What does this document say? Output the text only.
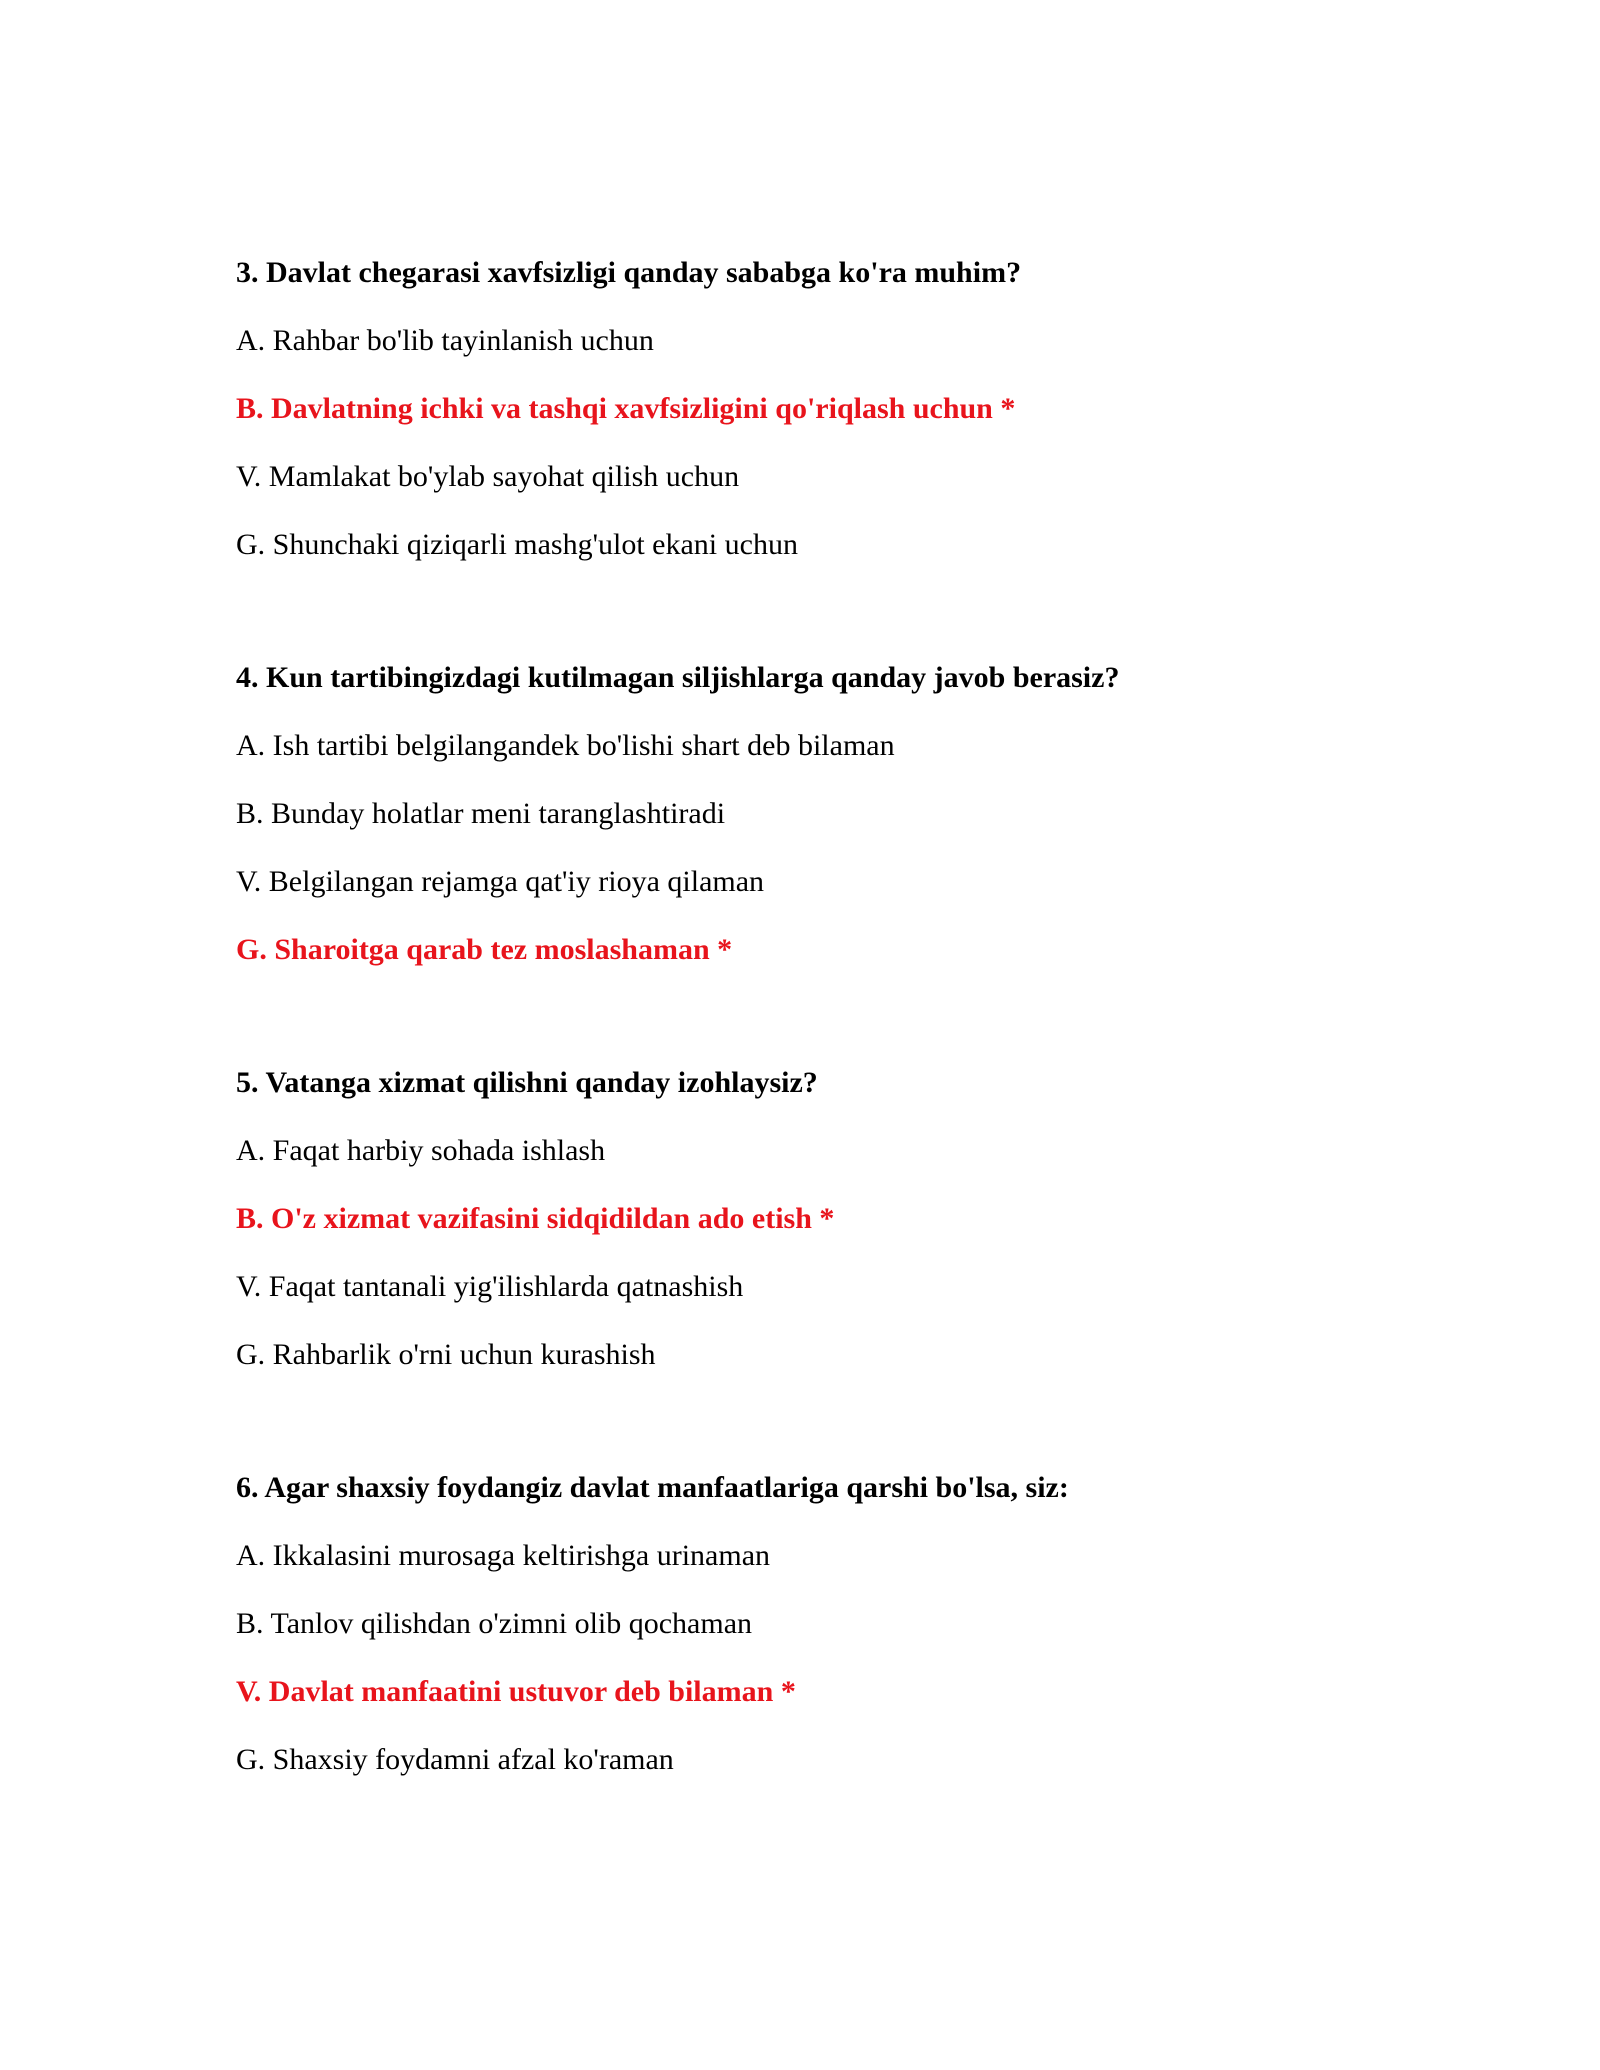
3. Davlat chegarasi xavfsizligi qanday sababga ko'ra muhim?
A. Rahbar bo'lib tayinlanish uchun
B. Davlatning ichki va tashqi xavfsizligini qo'riqlash uchun *
V. Mamlakat bo'ylab sayohat qilish uchun
G. Shunchaki qiziqarli mashg'ulot ekani uchun
4. Kun tartibingizdagi kutilmagan siljishlarga qanday javob berasiz?
A. Ish tartibi belgilangandek bo'lishi shart deb bilaman
B. Bunday holatlar meni taranglashtiradi
V. Belgilangan rejamga qat'iy rioya qilaman
G. Sharoitga qarab tez moslashaman *
5. Vatanga xizmat qilishni qanday izohlaysiz?
A. Faqat harbiy sohada ishlash
B. O'z xizmat vazifasini sidqidildan ado etish *
V. Faqat tantanali yig'ilishlarda qatnashish
G. Rahbarlik o'rni uchun kurashish
6. Agar shaxsiy foydangiz davlat manfaatlariga qarshi bo'lsa, siz:
A. Ikkalasini murosaga keltirishga urinaman
B. Tanlov qilishdan o'zimni olib qochaman
V. Davlat manfaatini ustuvor deb bilaman *
G. Shaxsiy foydamni afzal ko'raman
